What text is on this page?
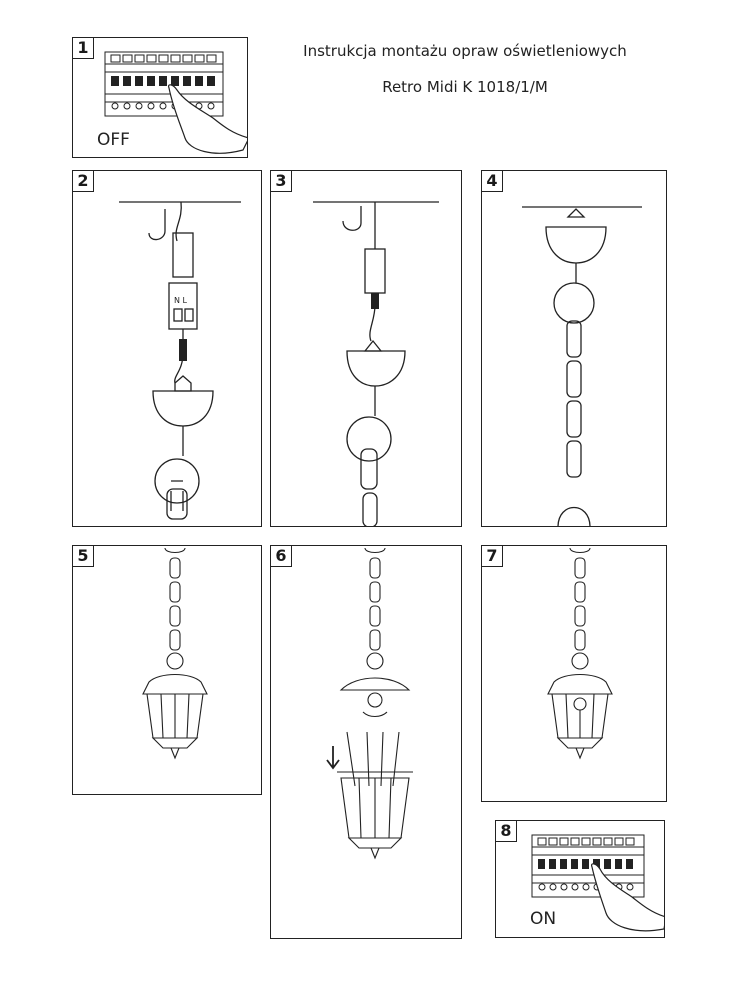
Instrukcja montażu opraw oświetleniowych
Retro Midi K 1018/1/M
1
OFF
2
N L
3	4
5	6	7
8
ON
